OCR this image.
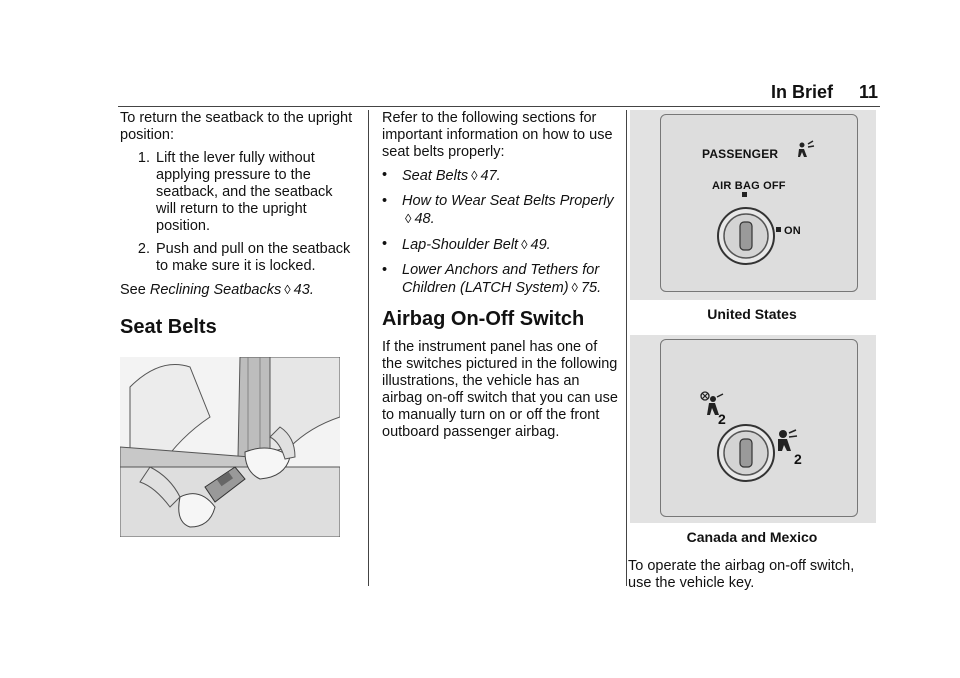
In Brief 11

To return the seatback to the upright position:

1. Lift the lever fully without applying pressure to the seatback, and the seatback will return to the upright position.
2. Push and pull on the seatback to make sure it is locked.

See Reclining Seatbacks ◊ 43.

Seat Belts

Refer to the following sections for important information on how to use seat belts properly:

•	Seat Belts ◊ 47.
•	How to Wear Seat Belts Properly
◊ 48.
•	Lap-Shoulder Belt ◊ 49.
•	Lower Anchors and Tethers for Children (LATCH System) ◊ 75.
Airbag On-Off Switch

If the instrument panel has one of the switches pictured in the following illustrations, the vehicle has an airbag on-off switch that you can use to manually turn on or off the front outboard passenger airbag.

PASSENGER
AIR BAG OFF
ON
United States
2
2
Canada and Mexico

To operate the airbag on-off switch, use the vehicle key.
